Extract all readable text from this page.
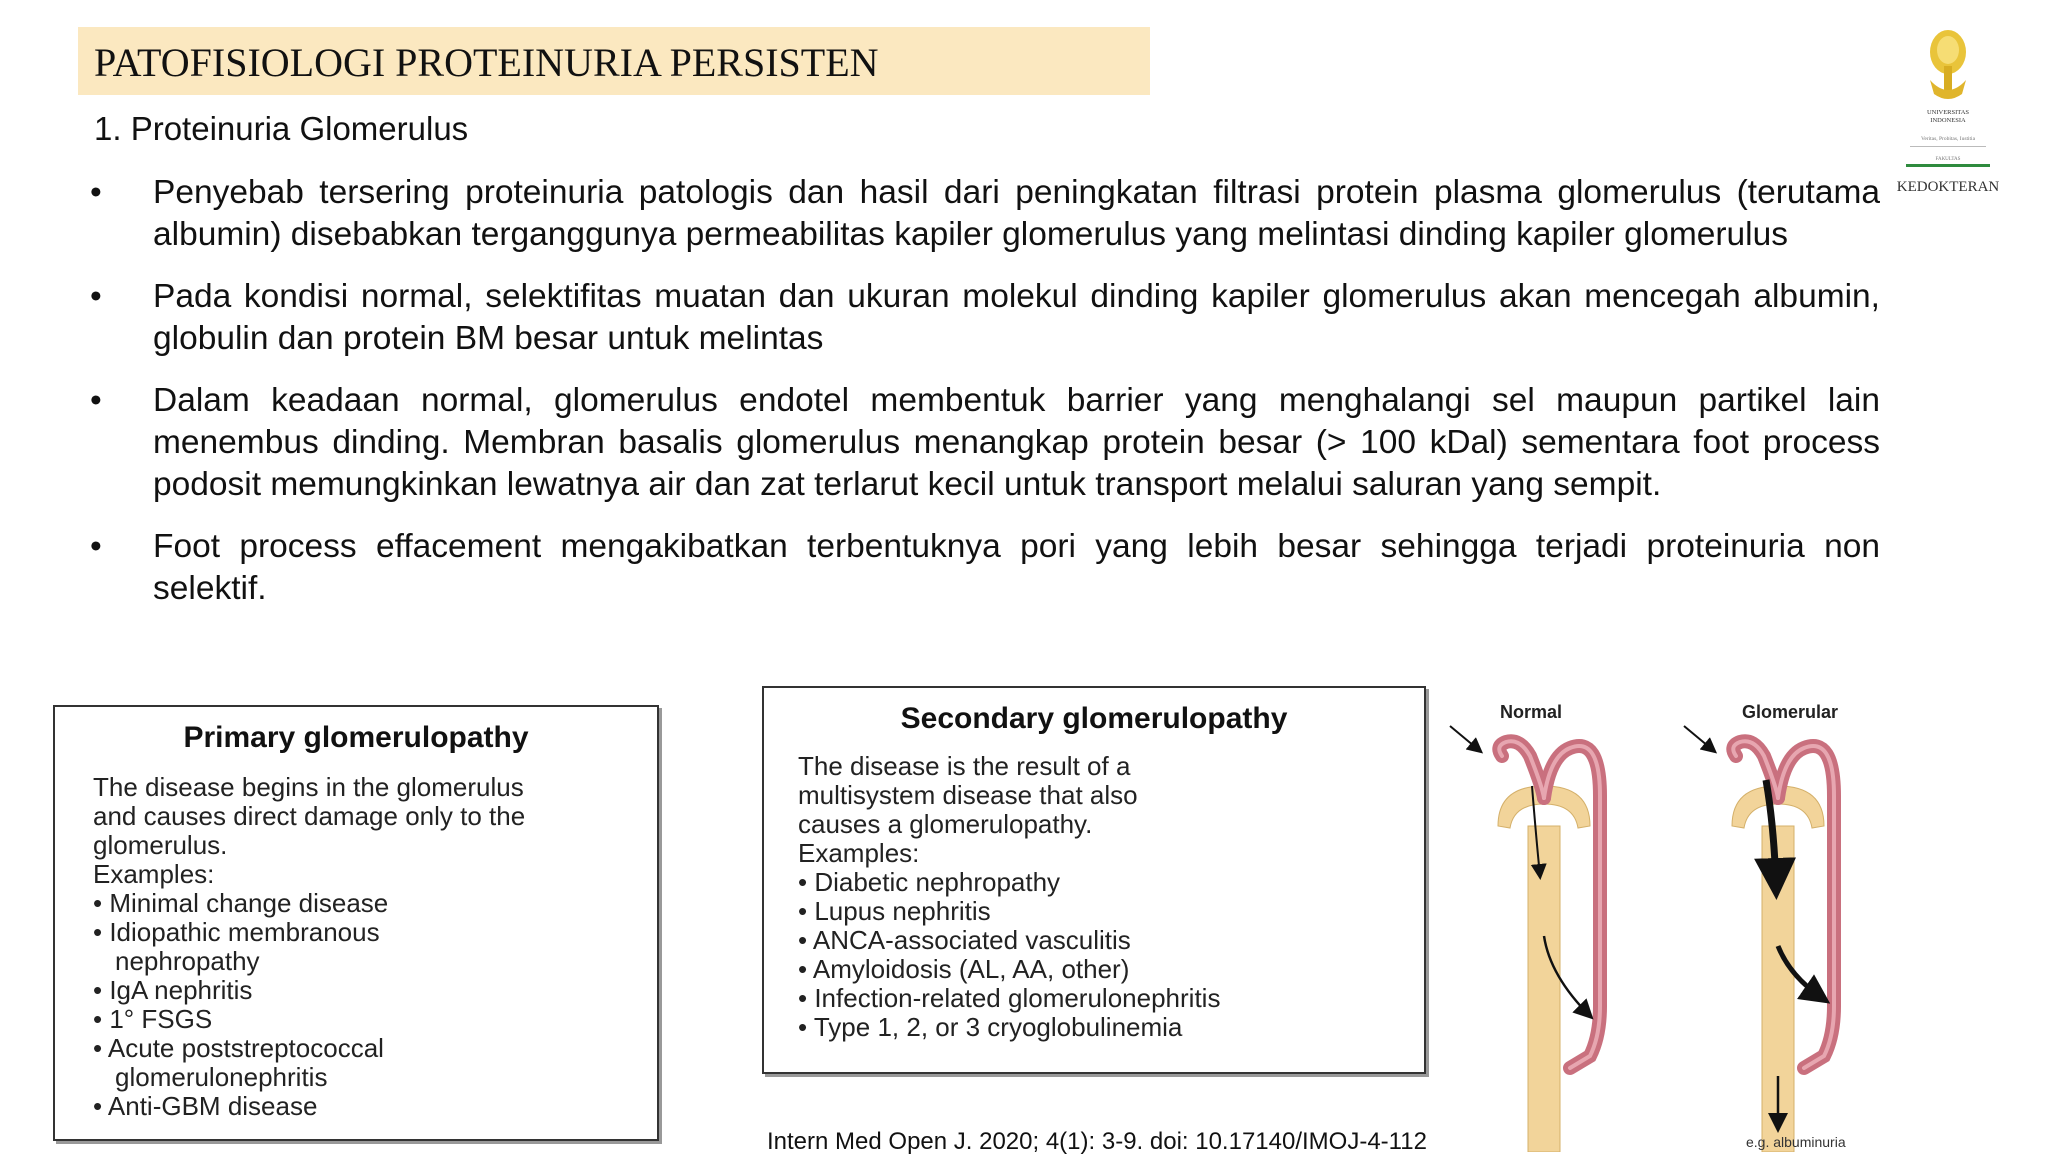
PATOFISIOLOGI PROTEINURIA PERSISTEN
UNIVERSITAS
INDONESIA
Veritas, Probitas, Iustitia
FAKULTAS
KEDOKTERAN
1. Proteinuria Glomerulus
• Penyebab tersering proteinuria patologis dan hasil dari peningkatan filtrasi protein plasma glomerulus (terutama albumin) disebabkan terganggunya permeabilitas kapiler glomerulus yang melintasi dinding kapiler glomerulus
• Pada kondisi normal, selektifitas muatan dan ukuran molekul dinding kapiler glomerulus akan mencegah albumin, globulin dan protein BM besar untuk melintas
• Dalam keadaan normal, glomerulus endotel membentuk barrier yang menghalangi sel maupun partikel lain menembus dinding. Membran basalis glomerulus menangkap protein besar (> 100 kDal) sementara foot process podosit memungkinkan lewatnya air dan zat terlarut kecil untuk transport melalui saluran yang sempit.
• Foot process effacement mengakibatkan terbentuknya pori yang lebih besar sehingga terjadi proteinuria non selektif.
Primary glomerulopathy
The disease begins in the glomerulus
and causes direct damage only to the
glomerulus.
Examples:
• Minimal change disease
• Idiopathic membranous
nephropathy
• IgA nephritis
• 1° FSGS
• Acute poststreptococcal
glomerulonephritis
• Anti-GBM disease
Secondary glomerulopathy
The disease is the result of a
multisystem disease that also
causes a glomerulopathy.
Examples:
• Diabetic nephropathy
• Lupus nephritis
• ANCA-associated vasculitis
• Amyloidosis (AL, AA, other)
• Infection-related glomerulonephritis
• Type 1, 2, or 3 cryoglobulinemia
Normal	Glomerular
e.g. albuminuria
Intern Med Open J. 2020; 4(1): 3-9. doi: 10.17140/IMOJ-4-112
